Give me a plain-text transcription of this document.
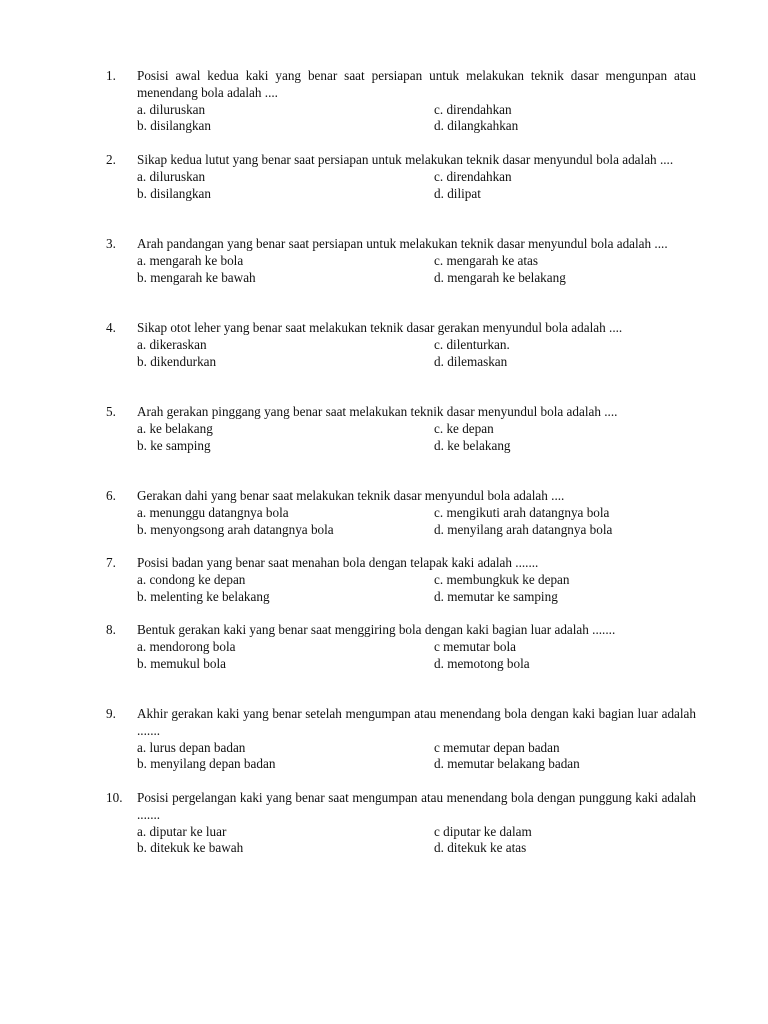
1.	Posisi awal kedua kaki yang benar saat persiapan untuk melakukan teknik dasar mengunpan atau menendang bola adalah ....
a. diluruskan	c. direndahkan
b. disilangkan	d. dilangkahkan
2.	Sikap kedua lutut yang benar saat persiapan untuk melakukan teknik dasar menyundul bola adalah ....
a. diluruskan	c. direndahkan
b. disilangkan	d. dilipat
3.	Arah pandangan yang benar saat persiapan untuk melakukan teknik dasar menyundul bola adalah ....
a. mengarah ke bola	c. mengarah ke atas
b. mengarah ke bawah	d. mengarah ke belakang
4.	Sikap otot leher yang benar saat melakukan teknik dasar gerakan menyundul bola adalah ....
a. dikeraskan	c. dilenturkan.
b. dikendurkan	d. dilemaskan
5.	Arah gerakan pinggang yang benar saat melakukan teknik dasar menyundul bola adalah ....
a. ke belakang	c. ke depan
b. ke samping	d. ke belakang
6.	Gerakan dahi yang benar saat melakukan teknik dasar menyundul bola adalah ....
a. menunggu datangnya bola	c. mengikuti arah datangnya bola
b. menyongsong arah datangnya bola	d. menyilang arah datangnya bola
7.	Posisi badan yang benar saat menahan bola dengan telapak kaki adalah .......
a. condong ke depan	c. membungkuk ke depan
b. melenting ke belakang	d. memutar ke samping
8.	Bentuk gerakan kaki yang benar saat menggiring bola dengan kaki bagian luar adalah .......
a. mendorong bola	c memutar bola
b. memukul bola	d. memotong bola
9.	Akhir gerakan kaki yang benar setelah mengumpan atau menendang bola dengan kaki bagian luar adalah .......
a. lurus depan badan	c memutar depan badan
b. menyilang depan badan	d. memutar belakang badan
10.	Posisi pergelangan kaki yang benar saat mengumpan atau menendang bola dengan punggung kaki adalah .......
a. diputar ke luar	c diputar ke dalam
b. ditekuk ke bawah	d. ditekuk ke atas
